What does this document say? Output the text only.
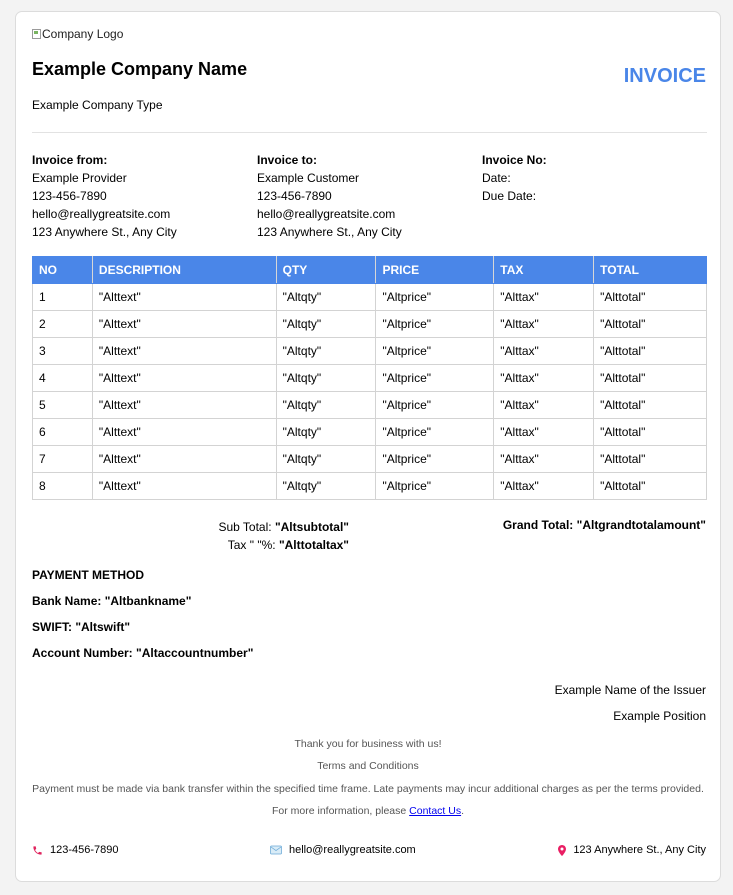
Company Logo
Example Company Name
Example Company Type
INVOICE
Invoice from:
Example Provider
123-456-7890
hello@reallygreatsite.com
123 Anywhere St., Any City
Invoice to:
Example Customer
123-456-7890
hello@reallygreatsite.com
123 Anywhere St., Any City
Invoice No:
Date:
Due Date:
NO	DESCRIPTION	QTY	PRICE	TAX	TOTAL
1	"Alttext"	"Altqty"	"Altprice"	"Alttax"	"Alttotal"
2	"Alttext"	"Altqty"	"Altprice"	"Alttax"	"Alttotal"
3	"Alttext"	"Altqty"	"Altprice"	"Alttax"	"Alttotal"
4	"Alttext"	"Altqty"	"Altprice"	"Alttax"	"Alttotal"
5	"Alttext"	"Altqty"	"Altprice"	"Alttax"	"Alttotal"
6	"Alttext"	"Altqty"	"Altprice"	"Alttax"	"Alttotal"
7	"Alttext"	"Altqty"	"Altprice"	"Alttax"	"Alttotal"
8	"Alttext"	"Altqty"	"Altprice"	"Alttax"	"Alttotal"
Sub Total: "Altsubtotal"
Tax " "%: "Alttotaltax"
Grand Total: "Altgrandtotalamount"
PAYMENT METHOD
Bank Name: "Altbankname"
SWIFT: "Altswift"
Account Number: "Altaccountnumber"
Example Name of the Issuer
Example Position
Thank you for business with us!
Terms and Conditions
Payment must be made via bank transfer within the specified time frame. Late payments may incur additional charges as per the terms provided.
For more information, please Contact Us.
123-456-7890	hello@reallygreatsite.com	123 Anywhere St., Any City
